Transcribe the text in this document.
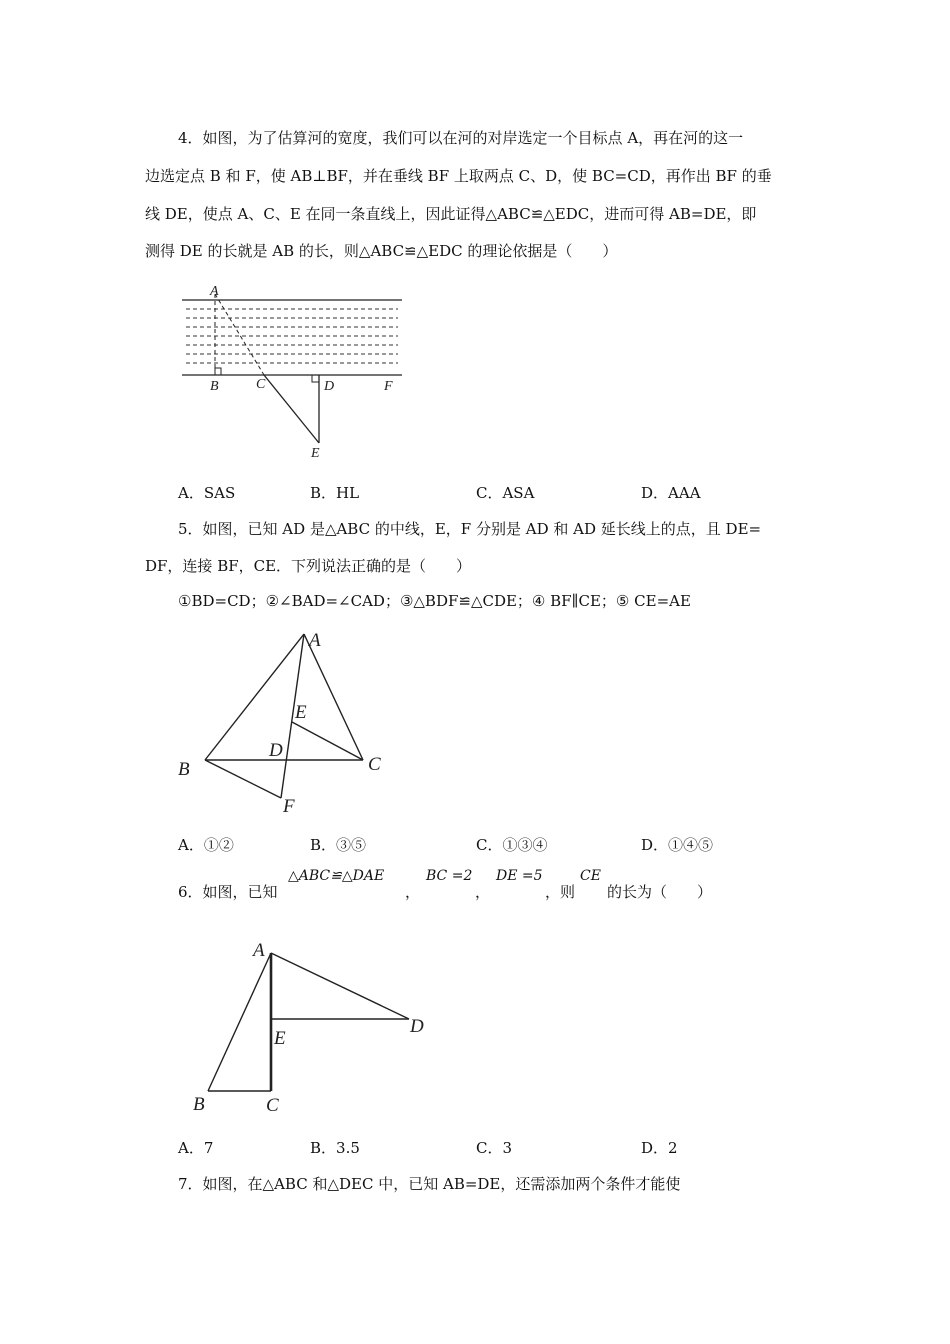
4．如图，为了估算河的宽度，我们可以在河的对岸选定一个目标点 A，再在河的这一
边选定点 B 和 F，使 AB⊥BF，并在垂线 BF 上取两点 C、D，使 BC=CD，再作出 BF 的垂
线 DE，使点 A、C、E 在同一条直线上，因此证得△ABC≌△EDC，进而可得 AB=DE，即
测得 DE 的长就是 AB 的长，则△ABC≌△EDC 的理论依据是（　　）
A
B	C	D	F
E
A．SAS	B．HL	C．ASA	D．AAA
5．如图，已知 AD 是△ABC 的中线，E，F 分别是 AD 和 AD 延长线上的点，且 DE=
DF，连接 BF，CE．下列说法正确的是（　　）
①BD=CD；②∠BAD=∠CAD；③△BDF≌△CDE；④ BF∥CE；⑤ CE=AE
A
B	C
D
E
F
A．①②	B．③⑤	C．①③④	D．①④⑤
6．如图，已知
△ABC≌△DAE
，
BC =2
，
DE =5
，则
CE
的长为（　　）
A
B	C
D
E
A．7	B．3.5	C．3	D．2
7．如图，在△ABC 和△DEC 中，已知 AB=DE，还需添加两个条件才能使
